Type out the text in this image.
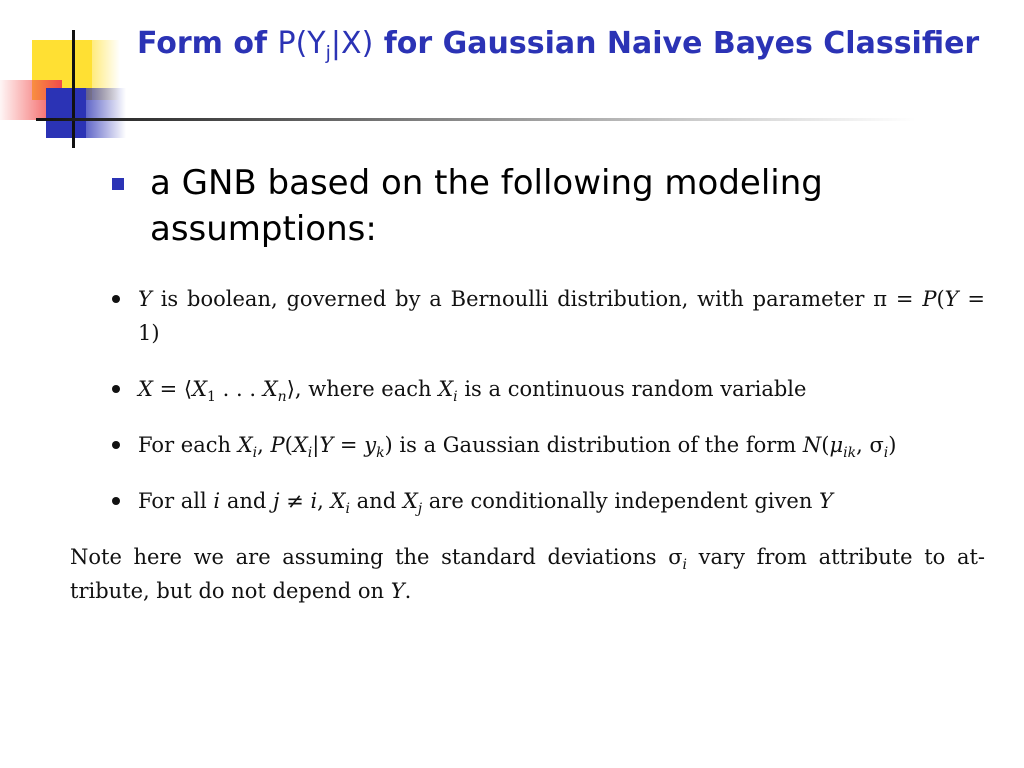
Form of $P(Y_j|X)$ for Gaussian Naive Bayes Classifier
a GNB based on the following modeling assumptions:
Y is boolean, governed by a Bernoulli distribution, with parameter π = P(Y = 1)
$X = ⟨X_1$ . . . $X_n⟩$, where each $X_i$ is a continuous random variable
For each $X_i$, $P(X_i|Y = y_k)$ is a Gaussian distribution of the form $N(\mu_{ik}$, $\sigma_i$)
For all i and j ≠ i, $X_i$ and $X_j$ are conditionally independent given Y
Note here we are assuming the standard deviations $\sigma_i$ vary from attribute to at-tribute, but do not depend on Y.
